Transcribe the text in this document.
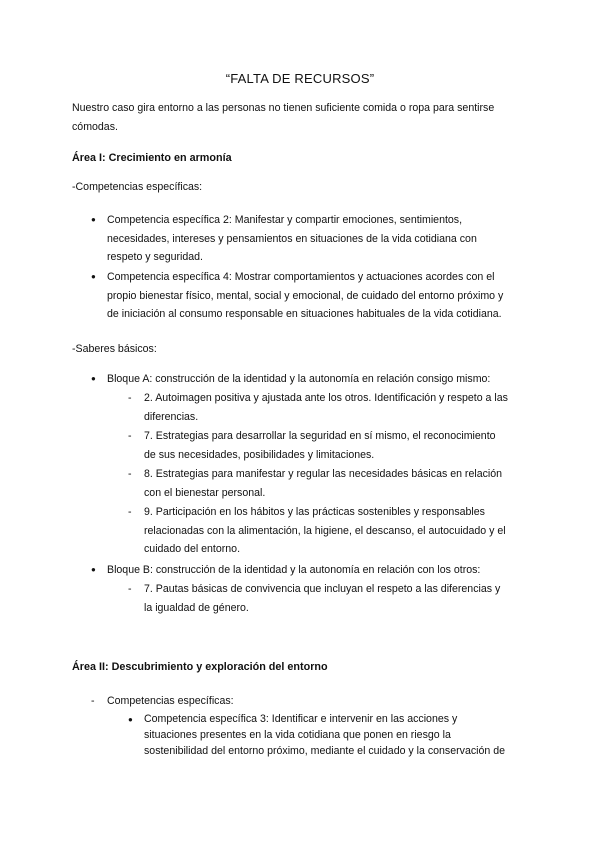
“FALTA DE RECURSOS”
Nuestro caso gira entorno a las personas no tienen suficiente comida o ropa para sentirse
cómodas.
Área I: Crecimiento en armonía
-Competencias específicas:
● Competencia específica 2: Manifestar y compartir emociones, sentimientos,
necesidades, intereses y pensamientos en situaciones de la vida cotidiana con
respeto y seguridad.
● Competencia específica 4: Mostrar comportamientos y actuaciones acordes con el
propio bienestar físico, mental, social y emocional, de cuidado del entorno próximo y
de iniciación al consumo responsable en situaciones habituales de la vida cotidiana.
-Saberes básicos:
● Bloque A: construcción de la identidad y la autonomía en relación consigo mismo:
- 2. Autoimagen positiva y ajustada ante los otros. Identificación y respeto a las
diferencias.
- 7. Estrategias para desarrollar la seguridad en sí mismo, el reconocimiento
de sus necesidades, posibilidades y limitaciones.
- 8. Estrategias para manifestar y regular las necesidades básicas en relación
con el bienestar personal.
- 9. Participación en los hábitos y las prácticas sostenibles y responsables
relacionadas con la alimentación, la higiene, el descanso, el autocuidado y el
cuidado del entorno.
● Bloque B: construcción de la identidad y la autonomía en relación con los otros:
- 7. Pautas básicas de convivencia que incluyan el respeto a las diferencias y
la igualdad de género.
Área II: Descubrimiento y exploración del entorno
- Competencias específicas:
● Competencia específica 3: Identificar e intervenir en las acciones y
situaciones presentes en la vida cotidiana que ponen en riesgo la
sostenibilidad del entorno próximo, mediante el cuidado y la conservación de
